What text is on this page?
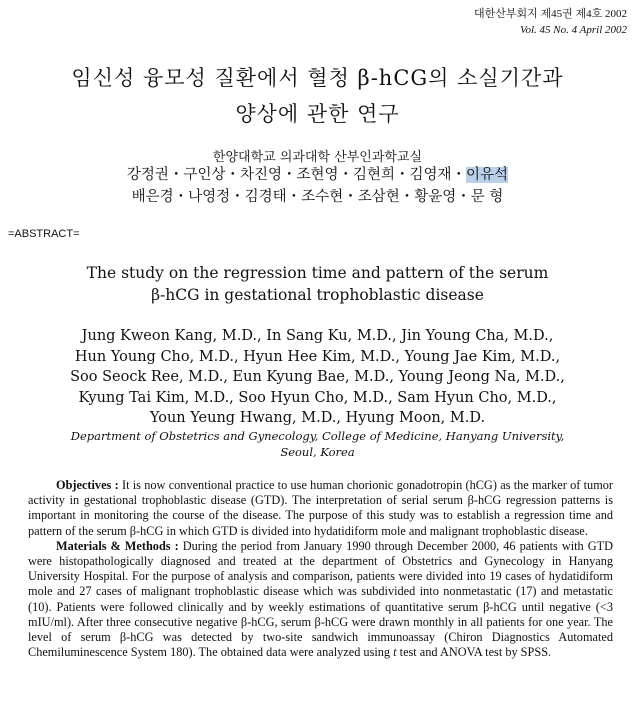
대한산부회지 제45권 제4호 2002
Vol. 45 No. 4 April 2002
임신성 융모성 질환에서 혈청 β-hCG의 소실기간과
양상에 관한 연구
한양대학교 의과대학 산부인과학교실
강정권・구인상・차진영・조현영・김현희・김영재・이유석
배은경・나영정・김경태・조수현・조삼현・황윤영・문 형
=ABSTRACT=
The study on the regression time and pattern of the serum
β-hCG in gestational trophoblastic disease
Jung Kweon Kang, M.D., In Sang Ku, M.D., Jin Young Cha, M.D.,
Hun Young Cho, M.D., Hyun Hee Kim, M.D., Young Jae Kim, M.D.,
Soo Seock Ree, M.D., Eun Kyung Bae, M.D., Young Jeong Na, M.D.,
Kyung Tai Kim, M.D., Soo Hyun Cho, M.D., Sam Hyun Cho, M.D.,
Youn Yeung Hwang, M.D., Hyung Moon, M.D.
Department of Obstetrics and Gynecology, College of Medicine, Hanyang University,
Seoul, Korea

Objectives : It is now conventional practice to use human chorionic gonadotropin (hCG) as the marker of tumor activity in gestational trophoblastic disease (GTD). The interpretation of serial serum β-hCG regression patterns is important in monitoring the course of the disease. The purpose of this study was to establish a regression time and pattern of the serum β-hCG in which GTD is divided into hydatidiform mole and malignant trophoblastic disease.

Materials & Methods : During the period from January 1990 through December 2000, 46 patients with GTD were histopathologically diagnosed and treated at the department of Obstetrics and Gynecology in Hanyang University Hospital. For the purpose of analysis and comparison, patients were divided into 19 cases of hydatidiform mole and 27 cases of malignant trophoblastic disease which was subdivided into nonmetastatic (17) and metastatic (10). Patients were followed clinically and by weekly estimations of quantitative serum β-hCG until negative (<3 mIU/ml). After three consecutive negative β-hCG, serum β-hCG were drawn monthly in all patients for one year. The level of serum β-hCG was detected by two-site sandwich immunoassay (Chiron Diagnostics Automated Chemiluminescence System 180). The obtained data were analyzed using t test and ANOVA test by SPSS.
